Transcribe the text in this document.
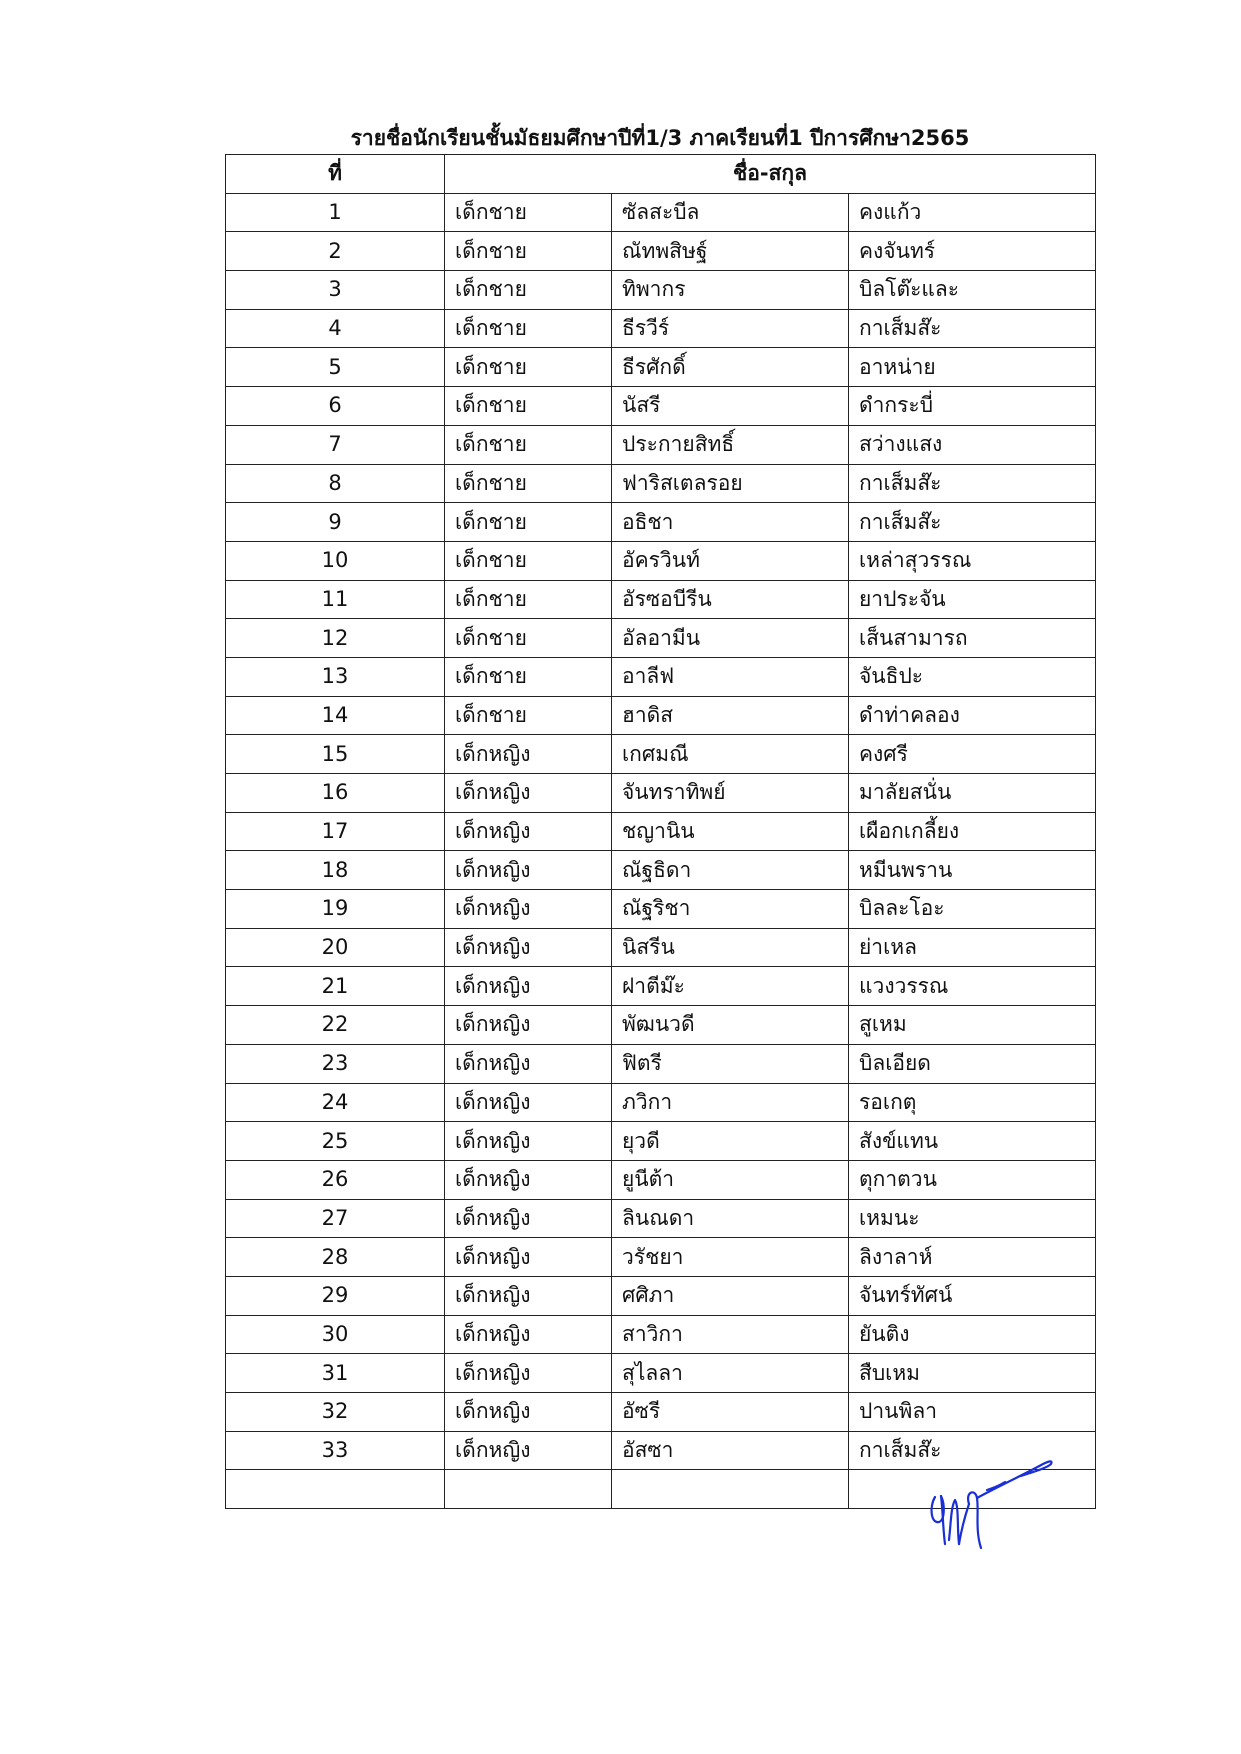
รายชื่อนักเรียนชั้นมัธยมศึกษาปีที่1/3 ภาคเรียนที่1 ปีการศึกษา2565
ที่	ชื่อ-สกุล		
1	เด็กชาย	ซัลสะบีล	คงแก้ว
2	เด็กชาย	ณัทพสิษฐ์	คงจันทร์
3	เด็กชาย	ทิพากร	บิลโต๊ะและ
4	เด็กชาย	ธีรวีร์	กาเส็มส๊ะ
5	เด็กชาย	ธีรศักดิ์	อาหน่าย
6	เด็กชาย	นัสรี	ดำกระบี่
7	เด็กชาย	ประกายสิทธิ์	สว่างแสง
8	เด็กชาย	ฟาริสเตลรอย	กาเส็มส๊ะ
9	เด็กชาย	อธิชา	กาเส็มส๊ะ
10	เด็กชาย	อัครวินท์	เหล่าสุวรรณ
11	เด็กชาย	อัรซอบีรีน	ยาประจัน
12	เด็กชาย	อัลอามีน	เส็นสามารถ
13	เด็กชาย	อาลีฟ	จันธิปะ
14	เด็กชาย	ฮาดิส	ดำท่าคลอง
15	เด็กหญิง	เกศมณี	คงศรี
16	เด็กหญิง	จันทราทิพย์	มาลัยสนั่น
17	เด็กหญิง	ชญานิน	เผือกเกลี้ยง
18	เด็กหญิง	ณัฐธิดา	หมีนพราน
19	เด็กหญิง	ณัฐริชา	บิลละโอะ
20	เด็กหญิง	นิสรีน	ย่าเหล
21	เด็กหญิง	ฝาตีม๊ะ	แวงวรรณ
22	เด็กหญิง	พัฒนวดี	สูเหม
23	เด็กหญิง	ฟิตรี	บิลเอียด
24	เด็กหญิง	ภวิกา	รอเกตุ
25	เด็กหญิง	ยุวดี	สังข์แทน
26	เด็กหญิง	ยูนีต้า	ตุกาตวน
27	เด็กหญิง	ลินณดา	เหมนะ
28	เด็กหญิง	วรัชยา	ลิงาลาห์
29	เด็กหญิง	ศศิภา	จันทร์ทัศน์
30	เด็กหญิง	สาวิกา	ยันติง
31	เด็กหญิง	สุไลลา	สืบเหม
32	เด็กหญิง	อัซรี	ปานพิลา
33	เด็กหญิง	อัสซา	กาเส็มส๊ะ
